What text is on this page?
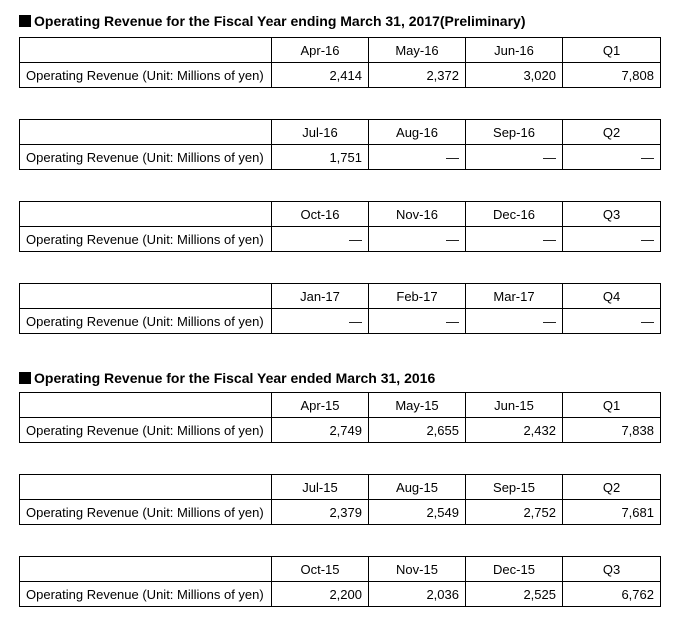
Operating Revenue for the Fiscal Year ending March 31, 2017(Preliminary)
	Apr-16	May-16	Jun-16	Q1
Operating Revenue (Unit: Millions of yen)	2,414	2,372	3,020	7,808
	Jul-16	Aug-16	Sep-16	Q2
Operating Revenue (Unit: Millions of yen)	1,751	—	—	—
	Oct-16	Nov-16	Dec-16	Q3
Operating Revenue (Unit: Millions of yen)	—	—	—	—
	Jan-17	Feb-17	Mar-17	Q4
Operating Revenue (Unit: Millions of yen)	—	—	—	—
Operating Revenue for the Fiscal Year ended March 31, 2016
	Apr-15	May-15	Jun-15	Q1
Operating Revenue (Unit: Millions of yen)	2,749	2,655	2,432	7,838
	Jul-15	Aug-15	Sep-15	Q2
Operating Revenue (Unit: Millions of yen)	2,379	2,549	2,752	7,681
	Oct-15	Nov-15	Dec-15	Q3
Operating Revenue (Unit: Millions of yen)	2,200	2,036	2,525	6,762
